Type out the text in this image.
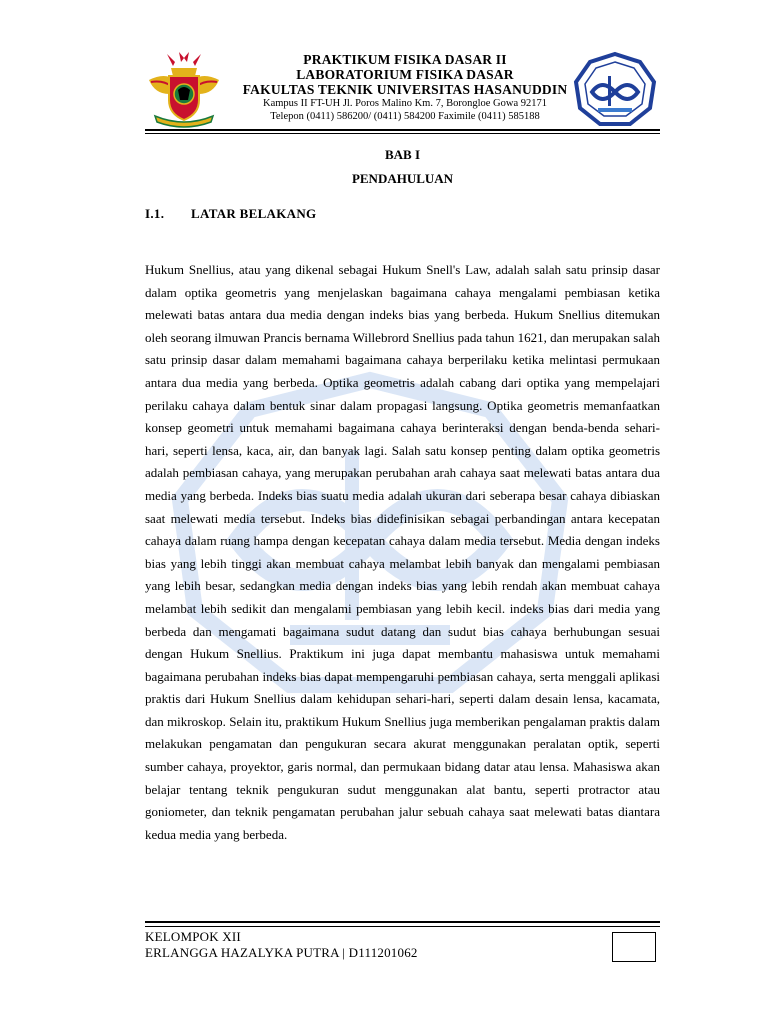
PRAKTIKUM FISIKA DASAR II
LABORATORIUM FISIKA DASAR
FAKULTAS TEKNIK UNIVERSITAS HASANUDDIN
Kampus II FT-UH Jl. Poros Malino Km. 7, Borongloe Gowa 92171
Telepon (0411) 586200/ (0411) 584200 Faximile (0411) 585188
BAB I
PENDAHULUAN
I.1. LATAR BELAKANG
Hukum Snellius, atau yang dikenal sebagai Hukum Snell's Law, adalah salah satu prinsip dasar dalam optika geometris yang menjelaskan bagaimana cahaya mengalami pembiasan ketika melewati batas antara dua media dengan indeks bias yang berbeda. Hukum Snellius ditemukan oleh seorang ilmuwan Prancis bernama Willebrord Snellius pada tahun 1621, dan merupakan salah satu prinsip dasar dalam memahami bagaimana cahaya berperilaku ketika melintasi permukaan antara dua media yang berbeda. Optika geometris adalah cabang dari optika yang mempelajari perilaku cahaya dalam bentuk sinar dalam propagasi langsung. Optika geometris memanfaatkan konsep geometri untuk memahami bagaimana cahaya berinteraksi dengan benda-benda sehari-hari, seperti lensa, kaca, air, dan banyak lagi. Salah satu konsep penting dalam optika geometris adalah pembiasan cahaya, yang merupakan perubahan arah cahaya saat melewati batas antara dua media yang berbeda. Indeks bias suatu media adalah ukuran dari seberapa besar cahaya dibiaskan saat melewati media tersebut. Indeks bias didefinisikan sebagai perbandingan antara kecepatan cahaya dalam ruang hampa dengan kecepatan cahaya dalam media tersebut. Media dengan indeks bias yang lebih tinggi akan membuat cahaya melambat lebih banyak dan mengalami pembiasan yang lebih besar, sedangkan media dengan indeks bias yang lebih rendah akan membuat cahaya melambat lebih sedikit dan mengalami pembiasan yang lebih kecil. indeks bias dari media yang berbeda dan mengamati bagaimana sudut datang dan sudut bias cahaya berhubungan sesuai dengan Hukum Snellius. Praktikum ini juga dapat membantu mahasiswa untuk memahami bagaimana perubahan indeks bias dapat mempengaruhi pembiasan cahaya, serta menggali aplikasi praktis dari Hukum Snellius dalam kehidupan sehari-hari, seperti dalam desain lensa, kacamata, dan mikroskop. Selain itu, praktikum Hukum Snellius juga memberikan pengalaman praktis dalam melakukan pengamatan dan pengukuran secara akurat menggunakan peralatan optik, seperti sumber cahaya, proyektor, garis normal, dan permukaan bidang datar atau lensa. Mahasiswa akan belajar tentang teknik pengukuran sudut menggunakan alat bantu, seperti protractor atau goniometer, dan teknik pengamatan perubahan jalur sebuah cahaya saat melewati batas diantara kedua media yang berbeda.
KELOMPOK XII
ERLANGGA HAZALYKA PUTRA | D111201062
